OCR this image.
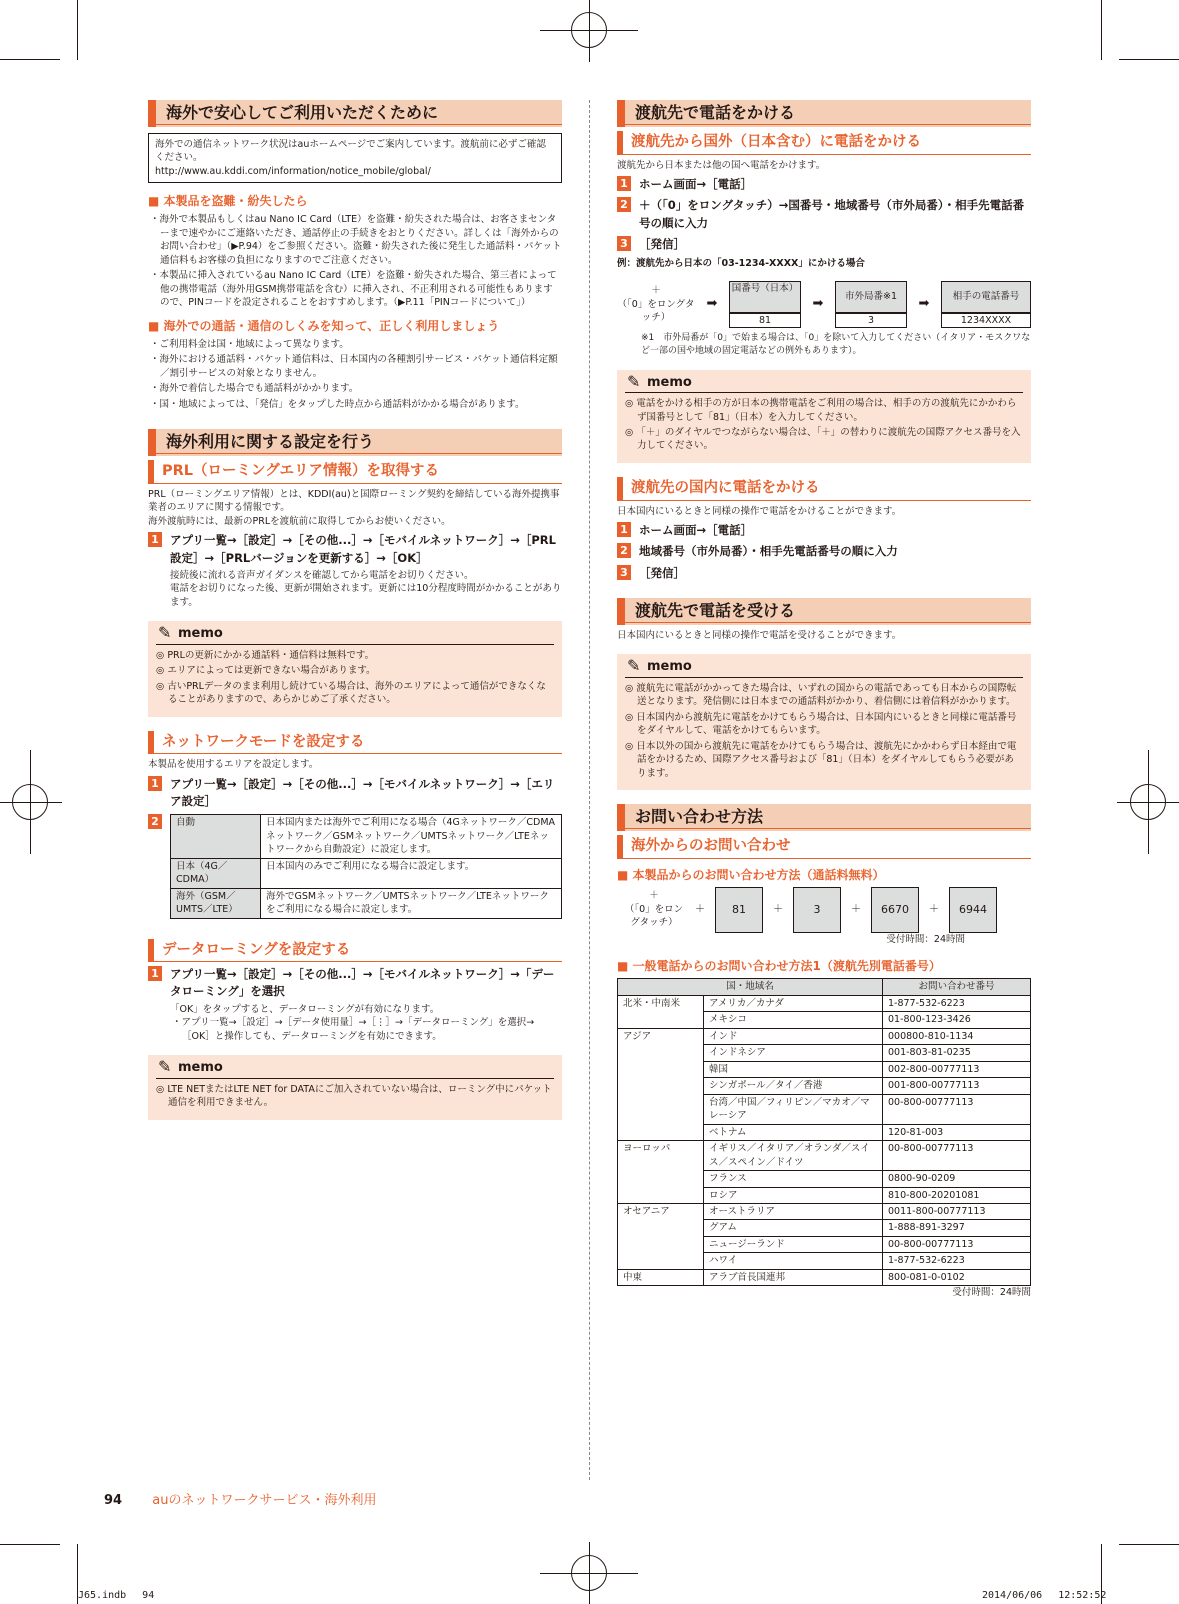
海外で安心してご利用いただくために
海外での通信ネットワーク状況はauホームページでご案内しています。渡航前に必ずご確認ください。
http://www.au.kddi.com/information/notice_mobile/global/
■ 本製品を盗難・紛失したら
・海外で本製品もしくはau Nano IC Card（LTE）を盗難・紛失された場合は、お客さまセンターまで速やかにご連絡いただき、通話停止の手続きをおとりください。詳しくは「海外からのお問い合わせ」（▶P.94）をご参照ください。盗難・紛失された後に発生した通話料・パケット通信料もお客様の負担になりますのでご注意ください。
・本製品に挿入されているau Nano IC Card（LTE）を盗難・紛失された場合、第三者によって他の携帯電話（海外用GSM携帯電話を含む）に挿入され、不正利用される可能性もありますので、PINコードを設定されることをおすすめします。（▶P.11「PINコードについて」）
■ 海外での通話・通信のしくみを知って、正しく利用しましょう
・ご利用料金は国・地域によって異なります。
・海外における通話料・パケット通信料は、日本国内の各種割引サービス・パケット通信料定額／割引サービスの対象となりません。
・海外で着信した場合でも通話料がかかります。
・国・地域によっては、「発信」をタップした時点から通話料がかかる場合があります。
海外利用に関する設定を行う
PRL（ローミングエリア情報）を取得する
PRL（ローミングエリア情報）とは、KDDI(au)と国際ローミング契約を締結している海外提携事業者のエリアに関する情報です。
海外渡航時には、最新のPRLを渡航前に取得してからお使いください。
1 アプリ一覧→［設定］→［その他...］→［モバイルネットワーク］→［PRL設定］→［PRLバージョンを更新する］→［OK］
接続後に流れる音声ガイダンスを確認してから電話をお切りください。
電話をお切りになった後、更新が開始されます。更新には10分程度時間がかかることがあります。
✎ memo
◎ PRLの更新にかかる通話料・通信料は無料です。
◎ エリアによっては更新できない場合があります。
◎ 古いPRLデータのまま利用し続けている場合は、海外のエリアによって通信ができなくなることがありますので、あらかじめご了承ください。
ネットワークモードを設定する
本製品を使用するエリアを設定します。
1 アプリ一覧→［設定］→［その他...］→［モバイルネットワーク］→［エリア設定］
2	自動	日本国内または海外でご利用になる場合（4Gネットワーク／CDMAネットワーク／GSMネットワーク／UMTSネットワーク／LTEネットワークから自動設定）に設定します。
日本（4G／CDMA）	日本国内のみでご利用になる場合に設定します。
海外（GSM／UMTS／LTE）	海外でGSMネットワーク／UMTSネットワーク／LTEネットワークをご利用になる場合に設定します。
データローミングを設定する
1 アプリ一覧→［設定］→［その他...］→［モバイルネットワーク］→「データローミング」を選択
「OK」をタップすると、データローミングが有効になります。
・アプリ一覧→［設定］→［データ使用量］→［⋮］→「データローミング」を選択→［OK］と操作しても、データローミングを有効にできます。
✎ memo
◎ LTE NETまたはLTE NET for DATAにご加入されていない場合は、ローミング中にパケット通信を利用できません。
渡航先で電話をかける
渡航先から国外（日本含む）に電話をかける
渡航先から日本または他の国へ電話をかけます。
1 ホーム画面→［電話］
2 ＋（「0」をロングタッチ）→国番号・地域番号（市外局番）・相手先電話番号の順に入力
3 ［発信］
例：渡航先から日本の「03-1234-XXXX」にかける場合
＋
（「0」をロングタッチ）
➡
国番号（日本）
81
➡
市外局番※1
3
➡
相手の電話番号
1234XXXX
※1　市外局番が「0」で始まる場合は、「0」を除いて入力してください（イタリア・モスクワなど一部の国や地域の固定電話などの例外もあります）。
✎ memo
◎ 電話をかける相手の方が日本の携帯電話をご利用の場合は、相手の方の渡航先にかかわらず国番号として「81」（日本）を入力してください。
◎ 「＋」のダイヤルでつながらない場合は、「＋」の替わりに渡航先の国際アクセス番号を入力してください。
渡航先の国内に電話をかける
日本国内にいるときと同様の操作で電話をかけることができます。
1 ホーム画面→［電話］
2 地域番号（市外局番）・相手先電話番号の順に入力
3 ［発信］
渡航先で電話を受ける
日本国内にいるときと同様の操作で電話を受けることができます。
✎ memo
◎ 渡航先に電話がかかってきた場合は、いずれの国からの電話であっても日本からの国際転送となります。発信側には日本までの通話料がかかり、着信側には着信料がかかります。
◎ 日本国内から渡航先に電話をかけてもらう場合は、日本国内にいるときと同様に電話番号をダイヤルして、電話をかけてもらいます。
◎ 日本以外の国から渡航先に電話をかけてもらう場合は、渡航先にかかわらず日本経由で電話をかけるため、国際アクセス番号および「81」（日本）をダイヤルしてもらう必要があります。
お問い合わせ方法
海外からのお問い合わせ
■ 本製品からのお問い合わせ方法（通話料無料）
＋
（「0」をロングタッチ）
＋	81	＋	3	＋	6670	＋	6944
受付時間：24時間
■ 一般電話からのお問い合わせ方法1（渡航先別電話番号）
国・地域名		お問い合わせ番号
北米・中南米	アメリカ／カナダ	1-877-532-6223
	メキシコ	01-800-123-3426
アジア	インド	000800-810-1134
	インドネシア	001-803-81-0235
	韓国	002-800-00777113
	シンガポール／タイ／香港	001-800-00777113
	台湾／中国／フィリピン／マカオ／マレーシア	00-800-00777113
	ベトナム	120-81-003
ヨーロッパ	イギリス／イタリア／オランダ／スイス／スペイン／ドイツ	00-800-00777113
	フランス	0800-90-0209
	ロシア	810-800-20201081
オセアニア	オーストラリア	0011-800-00777113
	グアム	1-888-891-3297
	ニュージーランド	00-800-00777113
	ハワイ	1-877-532-6223
中東	アラブ首長国連邦	800-081-0-0102
受付時間：24時間
94 auのネットワークサービス・海外利用
J65.indb　 94	2014/06/06　 12:52:52
